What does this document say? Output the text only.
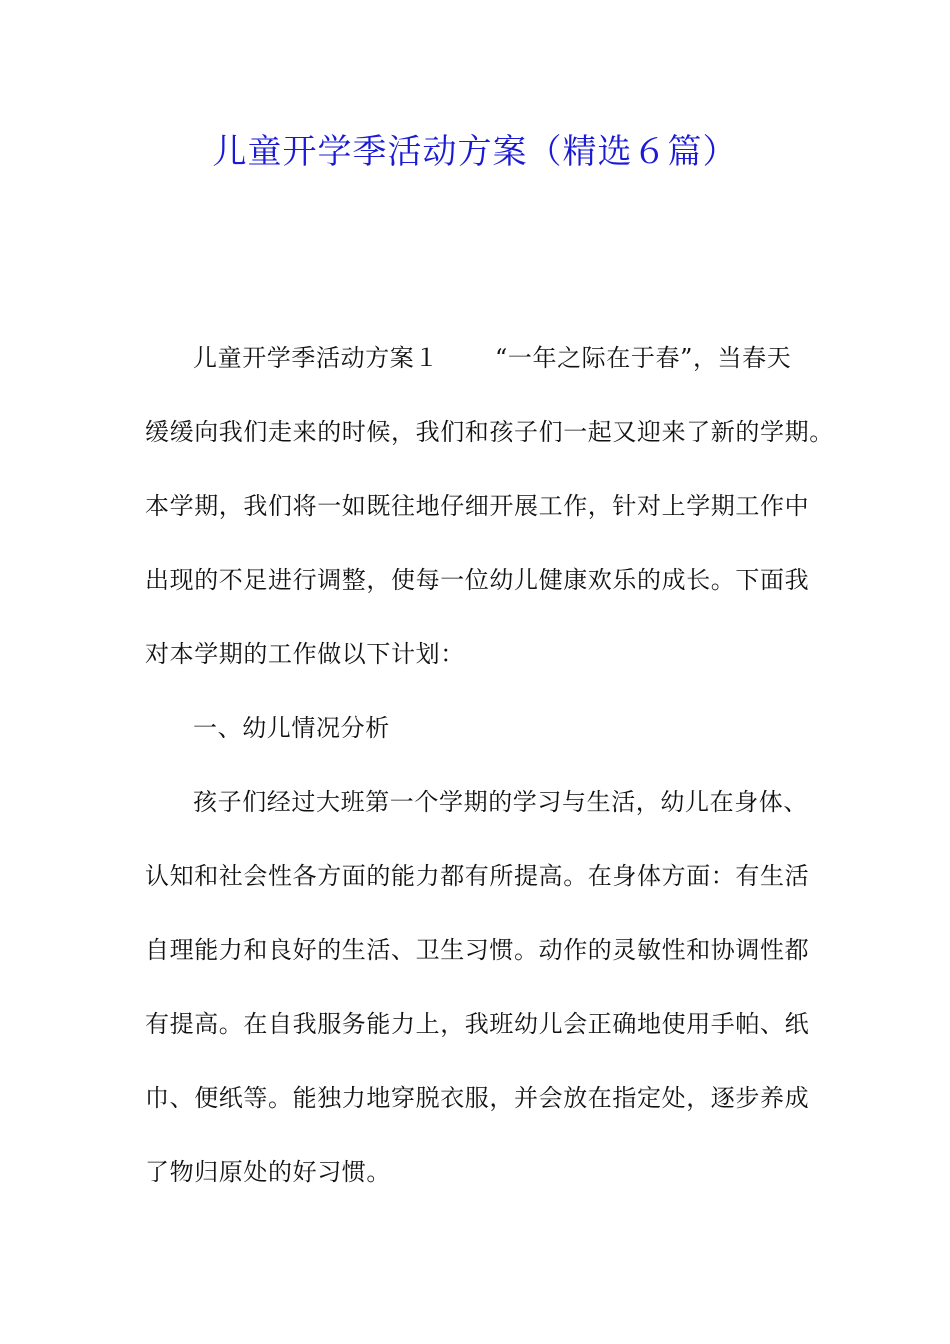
儿童开学季活动方案（精选６篇）
儿童开学季活动方案１ “一年之际在于春”，当春天
缓缓向我们走来的时候，我们和孩子们一起又迎来了新的学期。
本学期，我们将一如既往地仔细开展工作，针对上学期工作中
出现的不足进行调整，使每一位幼儿健康欢乐的成长。下面我
对本学期的工作做以下计划：
一、幼儿情况分析
孩子们经过大班第一个学期的学习与生活，幼儿在身体、
认知和社会性各方面的能力都有所提高。在身体方面：有生活
自理能力和良好的生活、卫生习惯。动作的灵敏性和协调性都
有提高。在自我服务能力上，我班幼儿会正确地使用手帕、纸
巾、便纸等。能独力地穿脱衣服，并会放在指定处，逐步养成
了物归原处的好习惯。
